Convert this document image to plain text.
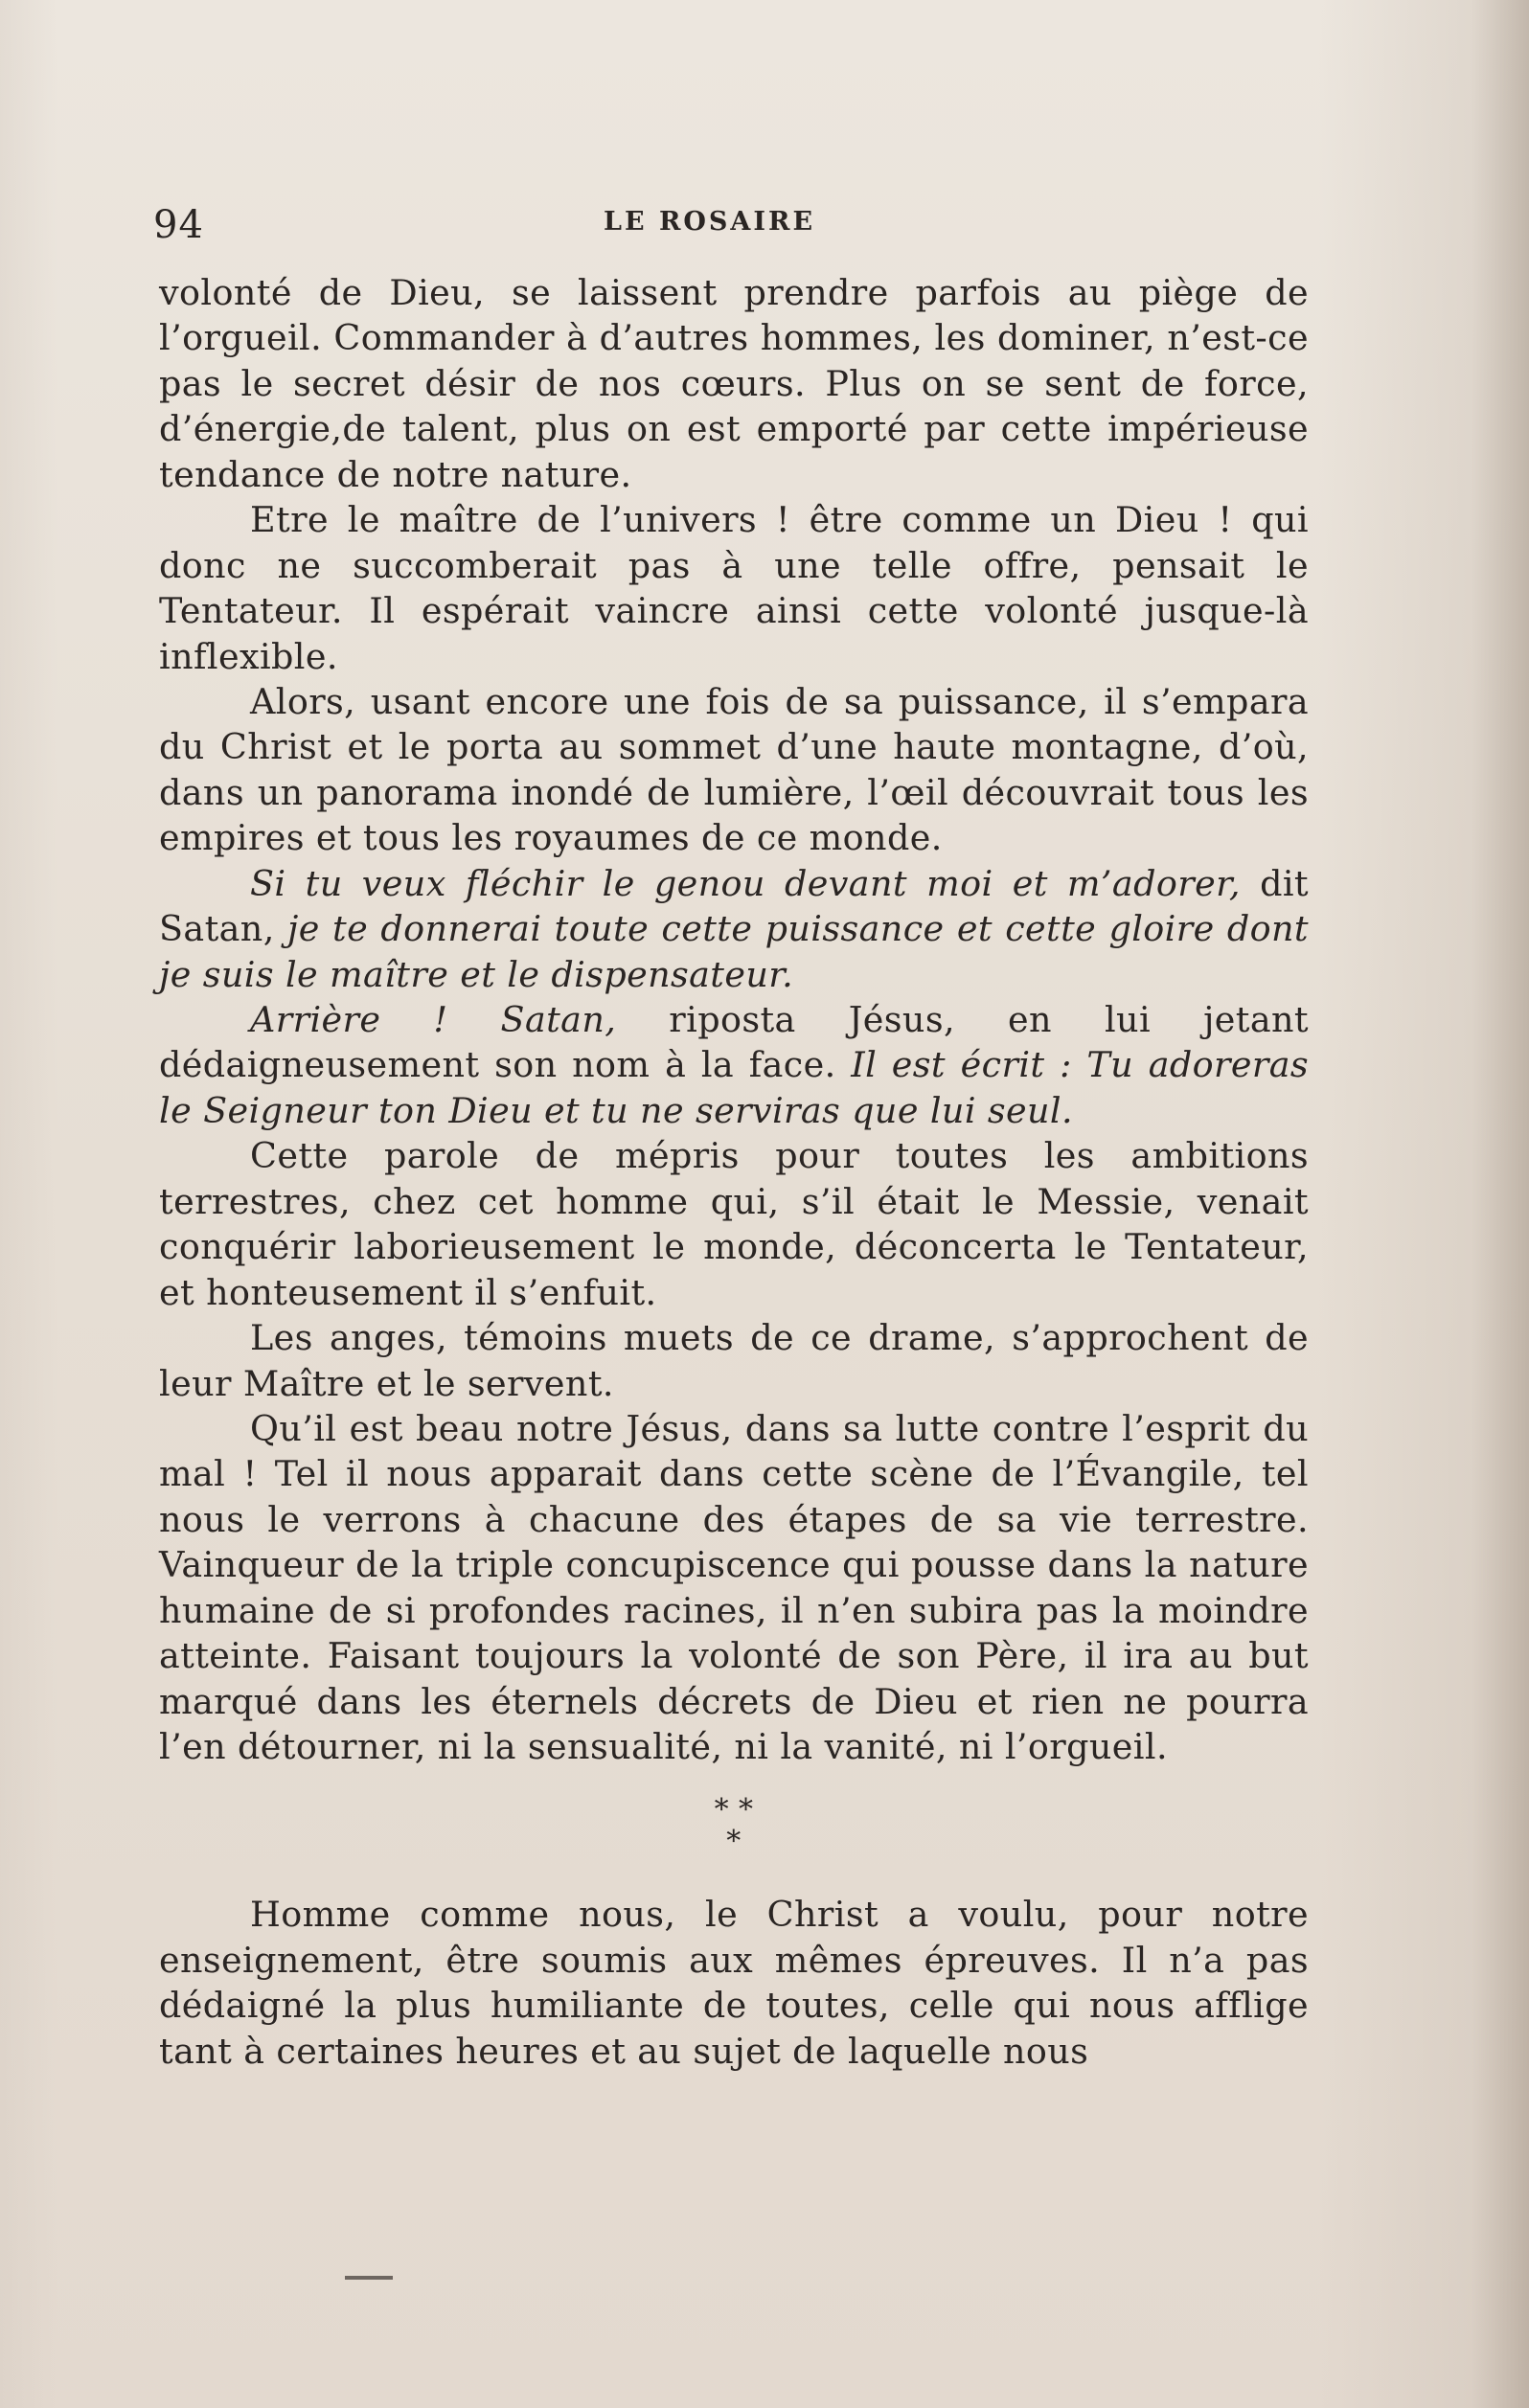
94	LE ROSAIRE

volonté de Dieu, se laissent prendre parfois au piège de l’orgueil. Commander à d’autres hommes, les dominer, n’est-ce pas le secret désir de nos cœurs. Plus on se sent de force, d’énergie,de talent, plus on est emporté par cette impérieuse tendance de notre nature.

Etre le maître de l’univers ! être comme un Dieu ! qui donc ne succomberait pas à une telle offre, pensait le Tentateur. Il espérait vaincre ainsi cette volonté jusque-là inflexible.

Alors, usant encore une fois de sa puissance, il s’empara du Christ et le porta au sommet d’une haute montagne, d’où, dans un panorama inondé de lumière, l’œil découvrait tous les empires et tous les royaumes de ce monde.

Si tu veux fléchir le genou devant moi et m’adorer, dit Satan, je te donnerai toute cette puissance et cette gloire dont je suis le maître et le dispensateur.

Arrière ! Satan, riposta Jésus, en lui jetant dédaigneusement son nom à la face. Il est écrit : Tu adoreras le Seigneur ton Dieu et tu ne serviras que lui seul.

Cette parole de mépris pour toutes les ambitions terrestres, chez cet homme qui, s’il était le Messie, venait conquérir laborieusement le monde, déconcerta le Tentateur, et honteusement il s’enfuit.

Les anges, témoins muets de ce drame, s’approchent de leur Maître et le servent.

Qu’il est beau notre Jésus, dans sa lutte contre l’esprit du mal ! Tel il nous apparait dans cette scène de l’Évangile, tel nous le verrons à chacune des étapes de sa vie terrestre. Vainqueur de la triple concupiscence qui pousse dans la nature humaine de si profondes racines, il n’en subira pas la moindre atteinte. Faisant toujours la volonté de son Père, il ira au but marqué dans les éternels décrets de Dieu et rien ne pourra l’en détourner, ni la sensualité, ni la vanité, ni l’orgueil.

* *
*

Homme comme nous, le Christ a voulu, pour notre enseignement, être soumis aux mêmes épreuves. Il n’a pas dédaigné la plus humiliante de toutes, celle qui nous afflige tant à certaines heures et au sujet de laquelle nous
